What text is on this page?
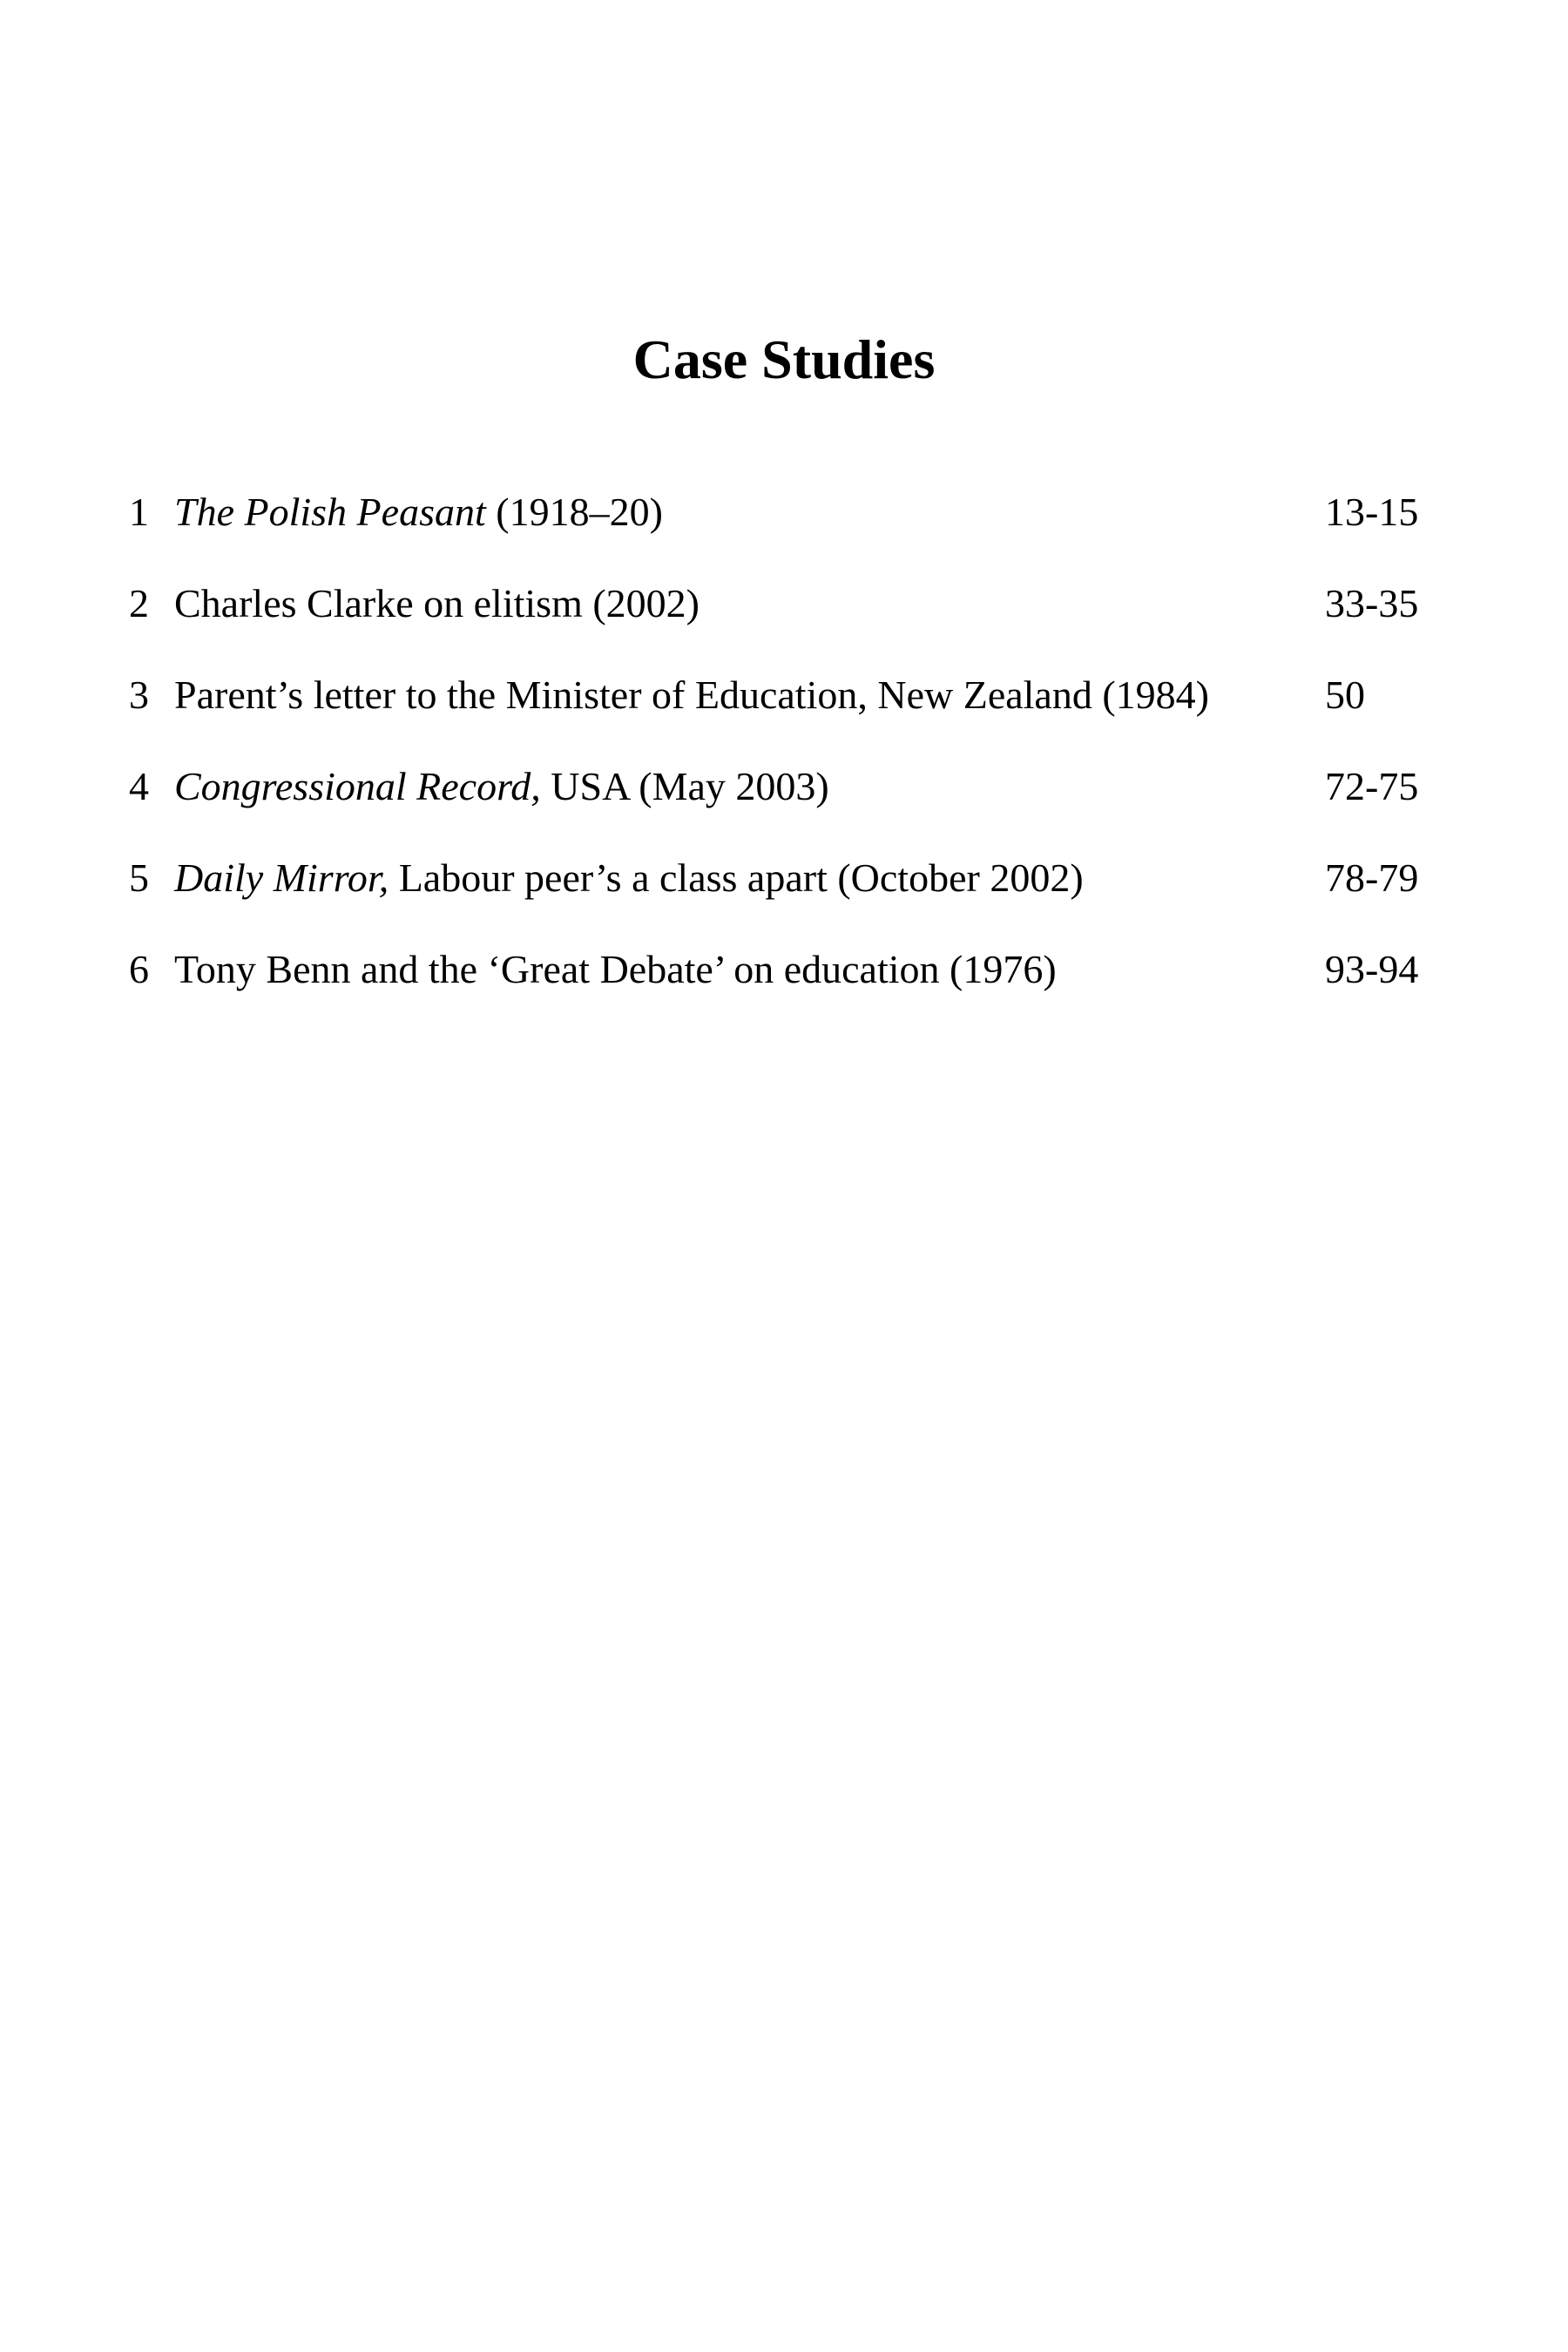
Case Studies
1 The Polish Peasant (1918–20)	13-15
2 Charles Clarke on elitism (2002)	33-35
3 Parent’s letter to the Minister of Education, New Zealand (1984)	50
4 Congressional Record, USA (May 2003)	72-75
5 Daily Mirror, Labour peer’s a class apart (October 2002)	78-79
6 Tony Benn and the ‘Great Debate’ on education (1976)	93-94
